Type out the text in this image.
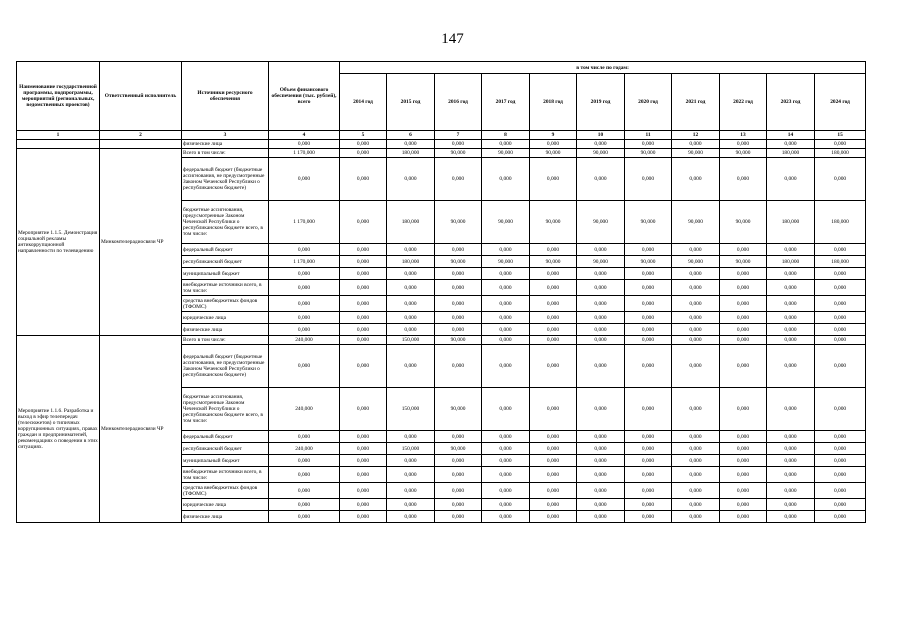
147
Наименование государственной программы, подпрограммы, мероприятий (региональных, ведомственных проектов)	Ответственный исполнитель	Источники ресурсного обеспечения	Объем финансового обеспечения (тыс. рублей), всего	в том числе по годам:										
				2014 год	2015 год	2016 год	2017 год	2018 год	2019 год	2020 год	2021 год	2022 год	2023 год	2024 год
1	2	3	4	5	6	7	8	9	10	11	12	13	14	15
		физические лица	0,000	0,000	0,000	0,000	0,000	0,000	0,000	0,000	0,000	0,000	0,000	0,000
Мероприятие 1.1.5. Демонстрация социальной рекламы антикоррупционной направленности по телевидению	Минкомтелерадиосвязи ЧР	Всего в том числе:	1 170,000	0,000	180,000	90,000	90,000	90,000	90,000	90,000	90,000	90,000	180,000	180,000
		федеральный бюджет (бюджетные ассигнования, не предусмотренные Законом Чеченской Республики о республиканском бюджете)	0,000	0,000	0,000	0,000	0,000	0,000	0,000	0,000	0,000	0,000	0,000	0,000
		бюджетные ассигнования, предусмотренные Законом Чеченской Республики о республиканском бюджете всего, в том числе:	1 170,000	0,000	180,000	90,000	90,000	90,000	90,000	90,000	90,000	90,000	180,000	180,000
		федеральный бюджет	0,000	0,000	0,000	0,000	0,000	0,000	0,000	0,000	0,000	0,000	0,000	0,000
		республиканский бюджет	1 170,000	0,000	180,000	90,000	90,000	90,000	90,000	90,000	90,000	90,000	180,000	180,000
		муниципальный бюджет	0,000	0,000	0,000	0,000	0,000	0,000	0,000	0,000	0,000	0,000	0,000	0,000
		внебюджетные источники всего, в том числе:	0,000	0,000	0,000	0,000	0,000	0,000	0,000	0,000	0,000	0,000	0,000	0,000
		средства внебюджетных фондов (ТФОМС)	0,000	0,000	0,000	0,000	0,000	0,000	0,000	0,000	0,000	0,000	0,000	0,000
		юридические лица	0,000	0,000	0,000	0,000	0,000	0,000	0,000	0,000	0,000	0,000	0,000	0,000
		физические лица	0,000	0,000	0,000	0,000	0,000	0,000	0,000	0,000	0,000	0,000	0,000	0,000
Мероприятие 1.1.6. Разработка и выход в эфир телепередач (телесюжетов) о типичных коррупционных ситуациях, правах граждан и предприниматепей, рекомендациях о поведении в этих ситуациях.	Минкомтелерадиосвязи ЧР	Всего в том числе:	240,000	0,000	150,000	90,000	0,000	0,000	0,000	0,000	0,000	0,000	0,000	0,000
		федеральный бюджет (бюджетные ассигнования, не предусмотренные Законом Чеченской Республики о республиканском бюджете)	0,000	0,000	0,000	0,000	0,000	0,000	0,000	0,000	0,000	0,000	0,000	0,000
		бюджетные ассигнования, предусмотренные Законом Чеченской Республики о республиканском бюджете всего, в том числе:	240,000	0,000	150,000	90,000	0,000	0,000	0,000	0,000	0,000	0,000	0,000	0,000
		федеральный бюджет	0,000	0,000	0,000	0,000	0,000	0,000	0,000	0,000	0,000	0,000	0,000	0,000
		республиканский бюджет	240,000	0,000	150,000	90,000	0,000	0,000	0,000	0,000	0,000	0,000	0,000	0,000
		муниципальный бюджет	0,000	0,000	0,000	0,000	0,000	0,000	0,000	0,000	0,000	0,000	0,000	0,000
		внебюджетные источники всего, в том числе:	0,000	0,000	0,000	0,000	0,000	0,000	0,000	0,000	0,000	0,000	0,000	0,000
		средства внебюджетных фондов (ТФОМС)	0,000	0,000	0,000	0,000	0,000	0,000	0,000	0,000	0,000	0,000	0,000	0,000
		юридические лица	0,000	0,000	0,000	0,000	0,000	0,000	0,000	0,000	0,000	0,000	0,000	0,000
		физические лица	0,000	0,000	0,000	0,000	0,000	0,000	0,000	0,000	0,000	0,000	0,000	0,000
